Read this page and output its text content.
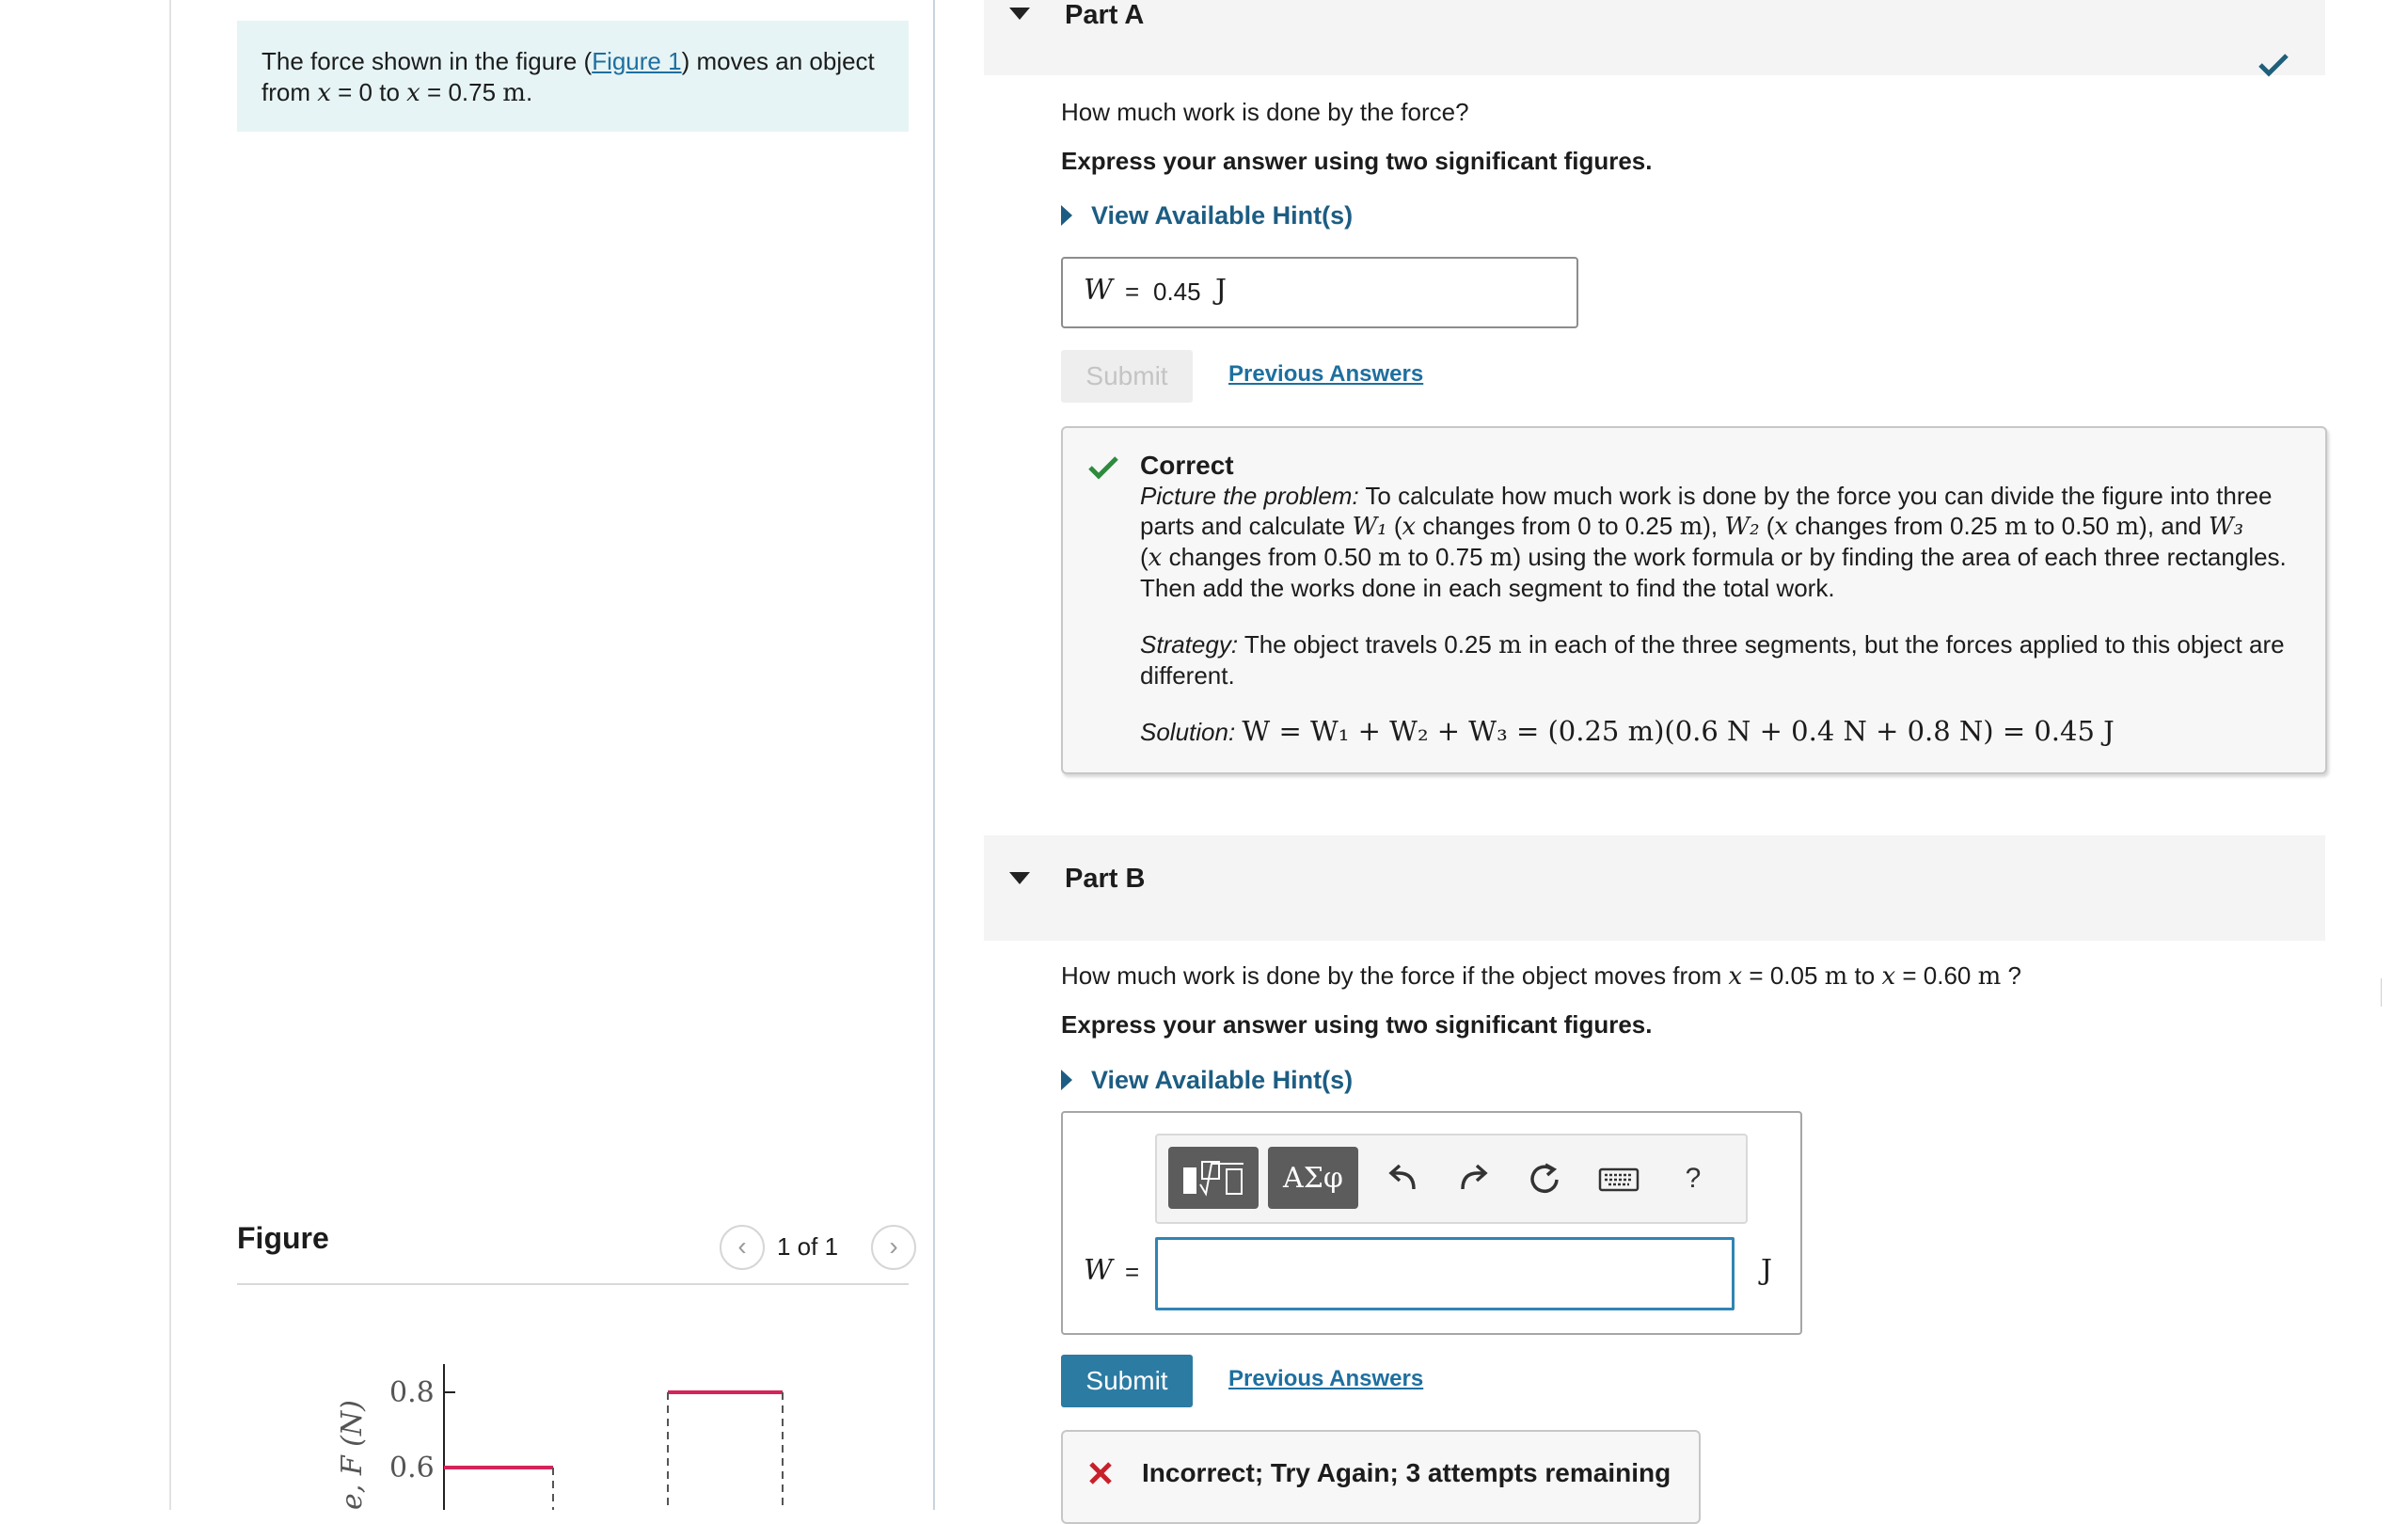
The force shown in the figure (Figure 1) moves an object
from x = 0 to x = 0.75 m.
Figure	‹	1 of 1	›
0.8
0.6
e, F (N)
Part A
How much work is done by the force?
Express your answer using two significant figures.
View Available Hint(s)
W = 0.45 J
Submit	Previous Answers
Correct
Picture the problem: To calculate how much work is done by the force you can divide the figure into three
parts and calculate W₁ (x changes from 0 to 0.25 m), W₂ (x changes from 0.25 m to 0.50 m), and W₃
(x changes from 0.50 m to 0.75 m) using the work formula or by finding the area of each three rectangles.
Then add the works done in each segment to find the total work.
Strategy: The object travels 0.25 m in each of the three segments, but the forces applied to this object are
different.
Solution: W = W₁ + W₂ + W₃ = (0.25 m)(0.6 N + 0.4 N + 0.8 N) = 0.45 J
Part B
How much work is done by the force if the object moves from x = 0.05 m to x = 0.60 m ?
Express your answer using two significant figures.
View Available Hint(s)
ΑΣφ	?
W =	J
Submit	Previous Answers
Incorrect; Try Again; 3 attempts remaining
